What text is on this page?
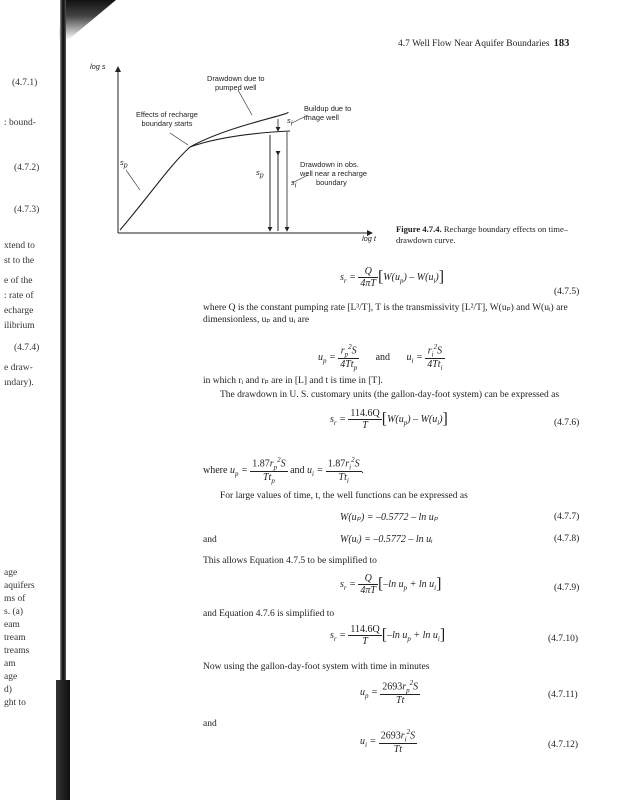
(4.7.1)
: bound-
(4.7.2)
(4.7.3)
xtend to
st to the
e of the
: rate of
echarge
ilibrium
(4.7.4)
e draw-
ındary).
age
aquifers
ms of
s. (a)
eam
tream
treams
am
age
d)
ght to
4.7 Well Flow Near Aquifer Boundaries 183
log s
log t
Drawdown due to
pumped well
Effects of recharge
boundary starts
Buildup due to
image well
Drawdown in obs.
well near a recharge
boundary
$s_p$
$s_p$
$s_i$
$s_i$
Figure 4.7.4. Recharge boundary effects on time–drawdown curve.
$s_r = \frac{Q}{4\pi T} [W(u_p) - W(u_i)]$
(4.7.5)
where Q is the constant pumping rate [L³/T], T is the transmissivity [L²/T], W(uₚ) and W(uᵢ) are dimensionless, uₚ and uᵢ are
$u_p = \frac{r_p^2S}{4Tt_p}$ and $u_i = \frac{r_i^2S}{4Tt_i}$
in which rᵢ and rₚ are in [L] and t is time in [T].
The drawdown in U. S. customary units (the gallon-day-foot system) can be expressed as
$s_r = \frac{114.6Q}{T} [W(u_p) - W(u_i)]$	(4.7.6)
where $u_p = \frac{1.87r_p^2S}{Tt_p}$ and $u_i = \frac{1.87r_i^2S}{Tt_i}$ .
For large values of time, t, the well functions can be expressed as
W(uₚ) = –0.5772 – ln uₚ	(4.7.7)
and	W(uᵢ) = –0.5772 – ln uᵢ	(4.7.8)
This allows Equation 4.7.5 to be simplified to
$s_r = \frac{Q}{4\pi T} [-\ln$ $u_p + \ln u_i$]	(4.7.9)
and Equation 4.7.6 is simplified to
$s_r = \frac{114.6Q}{T} [-\ln$ $u_p + \ln u_i$]	(4.7.10)
Now using the gallon-day-foot system with time in minutes
$u_p = \frac{2693r_p^2S}{Tt}$	(4.7.11)
and
$u_i = \frac{2693r_i^2S}{Tt}$	(4.7.12)
